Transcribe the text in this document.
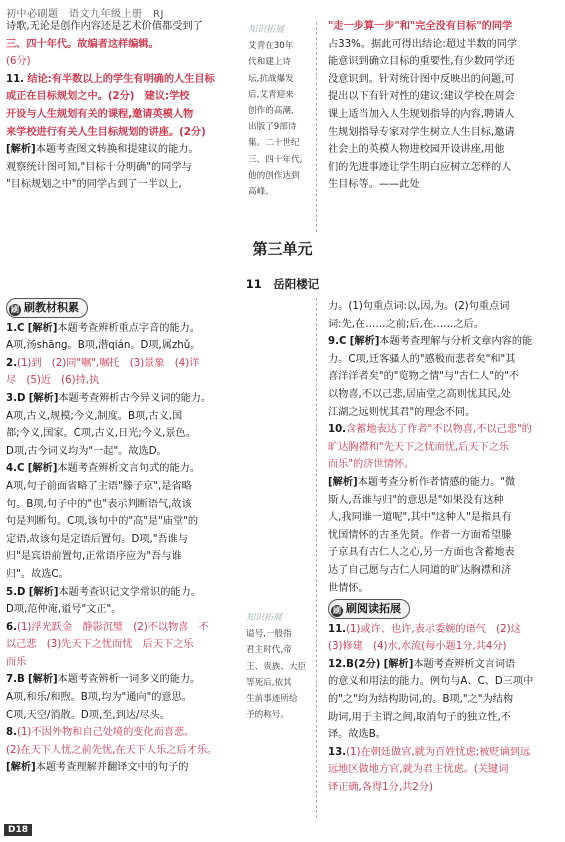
初中必刷题　语文九年级上册　RJ

诗歌,无论是创作内容还是艺术价值都受到了

三、四十年代。故编者这样编辑。

(6分)

11. 结论:有半数以上的学生有明确的人生目标

或正在目标规划之中。(2分)　建议:学校

开设与人生规划有关的课程,邀请英模人物

来学校进行有关人生目标规划的讲座。(2分)

[解析]本题考查图文转换和提建议的能力。

观察统计图可知,"目标十分明确"的同学与

"目标规划之中"的同学占到了一半以上,

知识拓展
艾青在30年
代和建上诗
坛,抗战爆发
后,艾青迎来
创作的高潮,
出版了9部诗
集。二十世纪
三、四十年代,
他的创作达到
高峰。

"走一步算一步"和"完全没有目标"的同学

占33%。据此可得出结论:超过半数的同学

能意识到确立目标的重要性,有少数同学还

没意识到。针对统计图中反映出的问题,可

提出以下有针对性的建议:建议学校在周会

课上适当加入人生规划指导的内容,聘请人

生规划指导专家对学生树立人生目标,邀请

社会上的英模人物进校园开设讲座,用他

们的先进事迹让学生明白应树立怎样的人

生目标等。——此处

第三单元
11　岳阳楼记
刷 刷教材积累

1.C [解析]本题考查辨析重点字音的能力。

A项,汤shāng。B项,潜qián。D项,属zhǔ。

2.(1)到　(2)同"嘱",嘱托　(3)景象　(4)详

尽　(5)近　(6)持,执

3.D [解析]本题考查辨析古今异义词的能力。

A项,古义,规模;今义,制度。B项,古义,国

都;今义,国家。C项,古义,日光;今义,景色。

D项,古今词义均为"一起"。故选D。

4.C [解析]本题考查辨析文言句式的能力。

A项,句子前面省略了主语"滕子京",是省略

句。B项,句子中的"也"表示判断语气,故该

句是判断句。C项,该句中的"高"是"庙堂"的

定语,故该句是定语后置句。D项,"吾谁与

归"是宾语前置句,正常语序应为"吾与谁

归"。故选C。

5.D [解析]本题考查识记文学常识的能力。

D项,范仲淹,谥号"文正"。

6.(1)浮光跃金　静影沉璧　(2)不以物喜　不

以己悲　(3)先天下之忧而忧　后天下之乐

而乐

7.B [解析]本题考查辨析一词多义的能力。

A项,和乐/和煦。B项,均为"通向"的意思。

C项,天空/消散。D项,至,到达/尽头。

8.(1)不因外物和自己处境的变化而喜悲。

(2)在天下人忧之前先忧,在天下人乐之后才乐。

[解析]本题考查理解并翻译文中的句子的

知识拓展
谥号,一般指
君主时代,帝
王、贵族、大臣
等死后,依其
生前事迹所给
予的称号。

力。(1)句重点词:以,因,为。(2)句重点词

词:先,在……之前;后,在……之后。

9.C [解析]本题考查理解与分析文章内容的能

力。C项,迁客骚人的"感极而悲者矣"和"其

喜洋洋者矣"的"览物之情"与"古仁人"的"不

以物喜,不以己悲,居庙堂之高则忧其民,处

江湖之远则忧其君"的理念不同。

10.含蓄地表达了作者"不以物喜,不以己悲"的

旷达胸襟和"先天下之忧而忧,后天下之乐

而乐"的济世情怀。

[解析]本题考查分析作者情感的能力。"微

斯人,吾谁与归"的意思是"如果没有这种

人,我同谁一道呢",其中"这种人"是指具有

忧国情怀的古圣先贤。作者一方面希望滕

子京具有古仁人之心,另一方面也含蓄地表

达了自己愿与古仁人同道的旷达胸襟和济

世情怀。

刷 刷阅读拓展

11.(1)或许、也许,表示委婉的语气　(2)这

(3)修建　(4)水,水流(每小题1分,共4分)

12.B(2分) [解析]本题考查辨析文言词语

的意义和用法的能力。例句与A、C、D三项中

的"之"均为结构助词,的。B项,"之"为结构

助词,用于主谓之间,取消句子的独立性,不

译。故选B。

13.(1)在朝廷做官,就为百姓忧虑;被贬谪到远

远地区做地方官,就为君主忧虑。(关键词

译正确,各得1分,共2分)

D18
